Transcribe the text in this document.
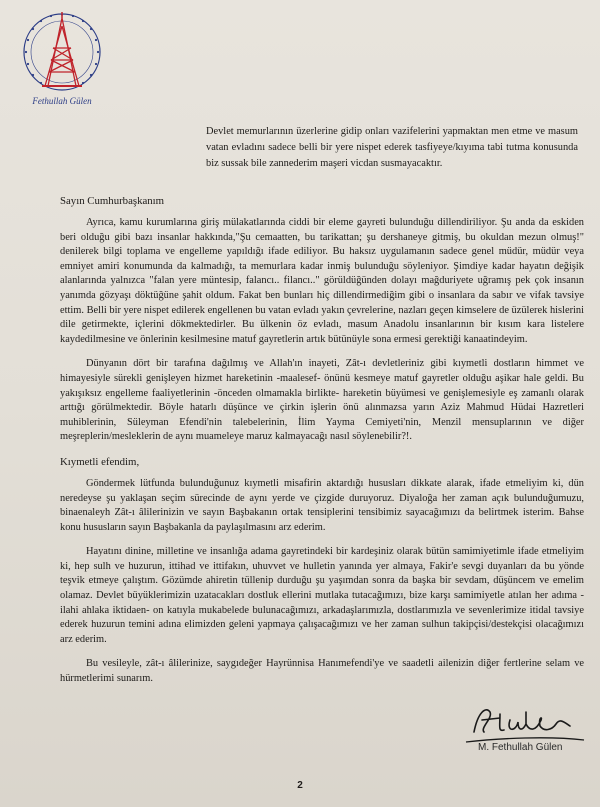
Fethullah Gülen
Devlet memurlarının üzerlerine gidip onları vazifelerini yapmaktan men etme ve masum vatan evladını sadece belli bir yere nispet ederek tasfiyeye/kıyıma tabi tutma konusunda biz sussak bile zannederim maşeri vicdan susmayacaktır.

Sayın Cumhurbaşkanım

Ayrıca, kamu kurumlarına giriş mülakatlarında ciddi bir eleme gayreti bulunduğu dillendiriliyor. Şu anda da eskiden beri olduğu gibi bazı insanlar hakkında,"Şu cemaatten, bu tarikattan; şu dershaneye gitmiş, bu okuldan mezun olmuş!" denilerek bilgi toplama ve engelleme yapıldığı ifade ediliyor. Bu haksız uygulamanın sadece genel müdür, müdür veya emniyet amiri konumunda da kalmadığı, ta memurlara kadar inmiş bulunduğu söyleniyor. Şimdiye kadar hayatın değişik alanlarında yalnızca "falan yere müntesip, falancı.. filancı.." görüldüğünden dolayı mağduriyete uğramış pek çok insanın yanımda gözyaşı döktüğüne şahit oldum. Fakat ben bunları hiç dillendirmediğim gibi o insanlara da sabır ve vifak tavsiye ettim. Belli bir yere nispet edilerek engellenen bu vatan evladı yakın çevrelerine, nazları geçen kimselere de üzülerek hislerini dile getirmekte, içlerini dökmektedirler. Bu ülkenin öz evladı, masum Anadolu insanlarının bir kısım kara listelere kaydedilmesine ve önlerinin kesilmesine matuf gayretlerin artık bütünüyle sona ermesi gerektiği kanaatindeyim.

Dünyanın dört bir tarafına dağılmış ve Allah'ın inayeti, Zât-ı devletleriniz gibi kıymetli dostların himmet ve himayesiyle sürekli genişleyen hizmet hareketinin -maalesef- önünü kesmeye matuf gayretler olduğu aşikar hale geldi. Bu yakışıksız engelleme faaliyetlerinin -önceden olmamakla birlikte- hareketin büyümesi ve genişlemesiyle eş zamanlı olarak arttığı görülmektedir. Böyle hatarlı düşünce ve çirkin işlerin önü alınmazsa yarın Aziz Mahmud Hüdai Hazretleri muhiblerinin, Süleyman Efendi'nin talebelerinin, İlim Yayma Cemiyeti'nin, Menzil mensuplarının ve diğer meşreplerin/mesleklerin de aynı muameleye maruz kalmayacağı nasıl söylenebilir?!.

Kıymetli efendim,

Göndermek lütfunda bulunduğunuz kıymetli misafirin aktardığı hususları dikkate alarak, ifade etmeliyim ki, dün neredeyse şu yaklaşan seçim sürecinde de aynı yerde ve çizgide duruyoruz. Diyaloğa her zaman açık bulunduğumuzu, binaenaleyh Zât-ı âlilerinizin ve sayın Başbakanın ortak tensiplerini tensibimiz sayacağımızı da belirtmek isterim. Bahse konu hususların sayın Başbakanla da paylaşılmasını arz ederim.

Hayatını dinine, milletine ve insanlığa adama gayretindeki bir kardeşiniz olarak bütün samimiyetimle ifade etmeliyim ki, hep sulh ve huzurun, ittihad ve ittifakın, uhuvvet ve hulletin yanında yer almaya, Fakir'e sevgi duyanları da bu yönde teşvik etmeye çalıştım. Gözümde ahiretin tüllenip durduğu şu yaşımdan sonra da başka bir sevdam, düşüncem ve emelim olamaz. Devlet büyüklerimizin uzatacakları dostluk ellerini mutlaka tutacağımızı, bize karşı samimiyetle atılan her adıma -ilahi ahlaka iktidaen- on katıyla mukabelede bulunacağımızı, arkadaşlarımızla, dostlarımızla ve sevenlerimize itidal tavsiye ederek huzurun temini adına elimizden geleni yapmaya çalışacağımızı ve her zaman sulhun takipçisi/destekçisi olacağımızı arz ederim.

Bu vesileyle, zât-ı âlilerinize, saygıdeğer Hayrünnisa Hanımefendi'ye ve saadetli ailenizin diğer fertlerine selam ve hürmetlerimi sunarım.

M. Fethullah Gülen
2
